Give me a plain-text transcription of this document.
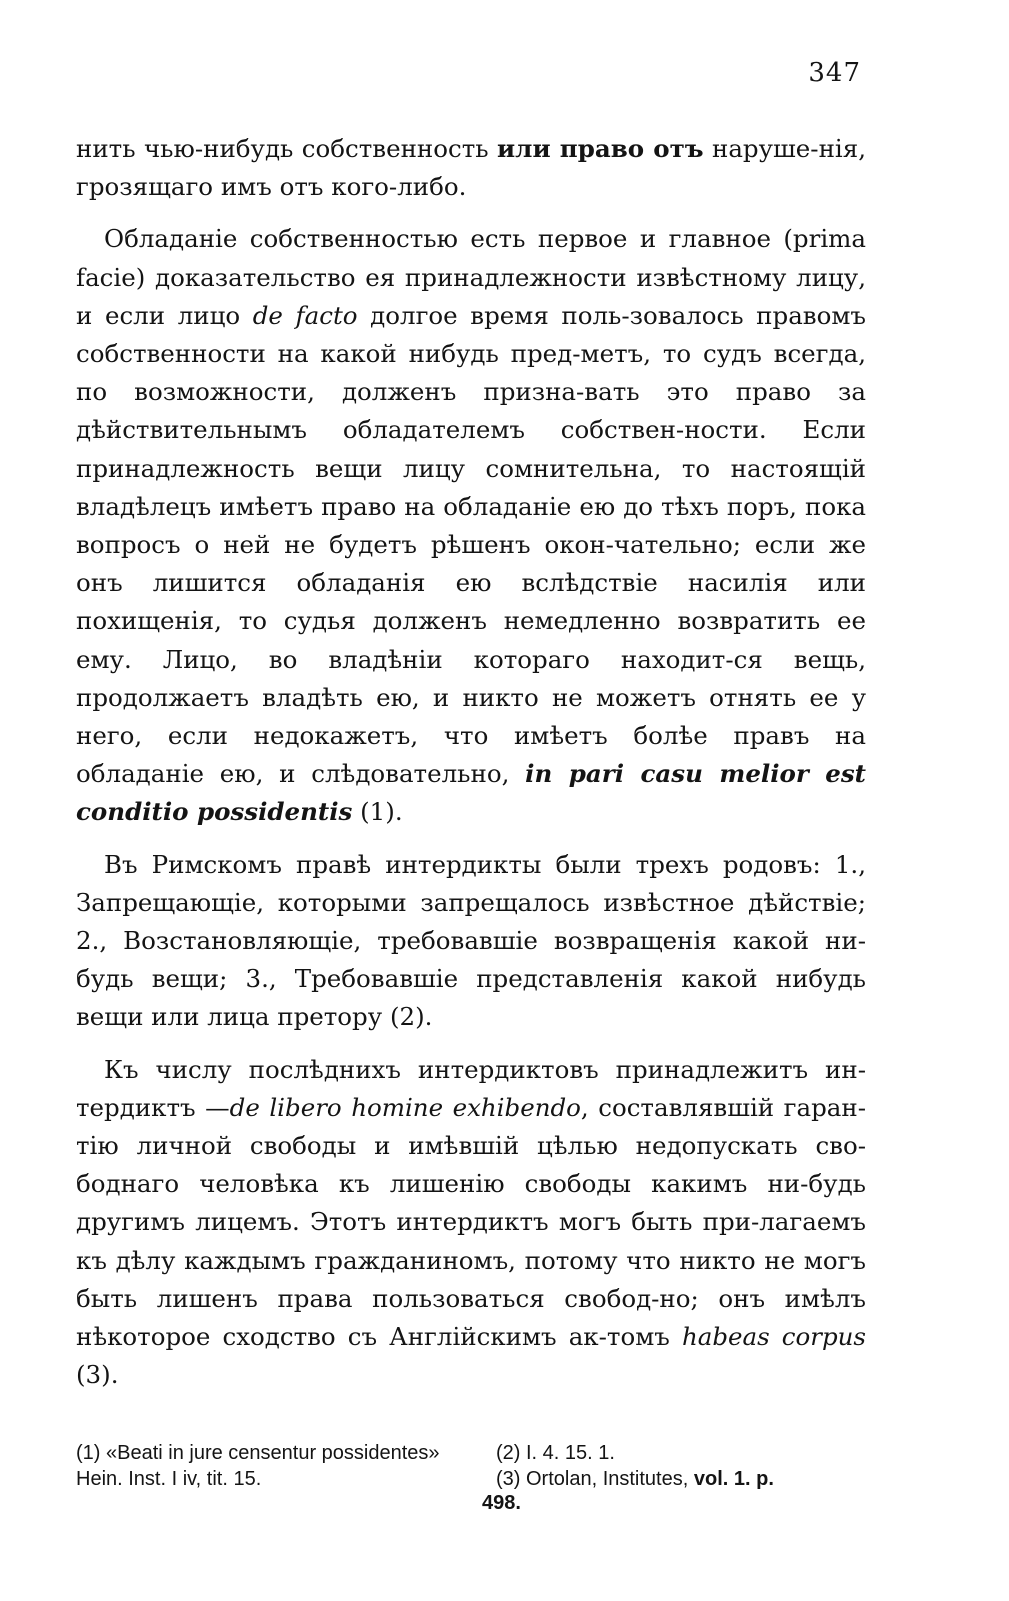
347

нить чью-нибудь собственность или право отъ наруше-нія, грозящаго имъ отъ кого-либо.

Обладаніе собственностью есть первое и главное (prima facie) доказательство ея принадлежности извѣстному лицу, и если лицо de facto долгое время поль-зовалось правомъ собственности на какой нибудь пред-метъ, то судъ всегда, по возможности, долженъ призна-вать это право за дѣйствительнымъ обладателемъ собствен-ности. Если принадлежность вещи лицу сомнительна, то настоящій владѣлецъ имѣетъ право на обладаніе ею до тѣхъ поръ, пока вопросъ о ней не будетъ рѣшенъ окон-чательно; если же онъ лишится обладанія ею вслѣдствіе насилія или похищенія, то судья долженъ немедленно возвратить ее ему. Лицо, во владѣніи котораго находит-ся вещь, продолжаетъ владѣть ею, и никто не можетъ отнять ее у него, если недокажетъ, что имѣетъ болѣе правъ на обладаніе ею, и слѣдовательно, in pari casu melior est conditio possidentis (1).

Въ Римскомъ правѣ интердикты были трехъ родовъ: 1., Запрещающіе, которыми запрещалось извѣстное дѣйствіе; 2., Возстановляющіе, требовавшіе возвращенія какой ни-будь вещи; 3., Требовавшіе представленія какой нибудь вещи или лица претору (2).

Къ числу послѣднихъ интердиктовъ принадлежитъ ин-тердиктъ —de libero homine exhibendo, составлявшій гаран-тію личной свободы и имѣвшій цѣлью недопускать сво-боднаго человѣка къ лишенію свободы какимъ ни-будь другимъ лицемъ. Этотъ интердиктъ могъ быть при-лагаемъ къ дѣлу каждымъ гражданиномъ, потому что никто не могъ быть лишенъ права пользоваться свобод-но; онъ имѣлъ нѣкоторое сходство съ Англійскимъ ак-томъ habeas corpus (3).

(1) «Beati in jure censentur possidentes» Hein. Inst. I iv, tit. 15.

(2) I. 4. 15. 1.

(3) Ortolan, Institutes, vol. 1. p.

498.
